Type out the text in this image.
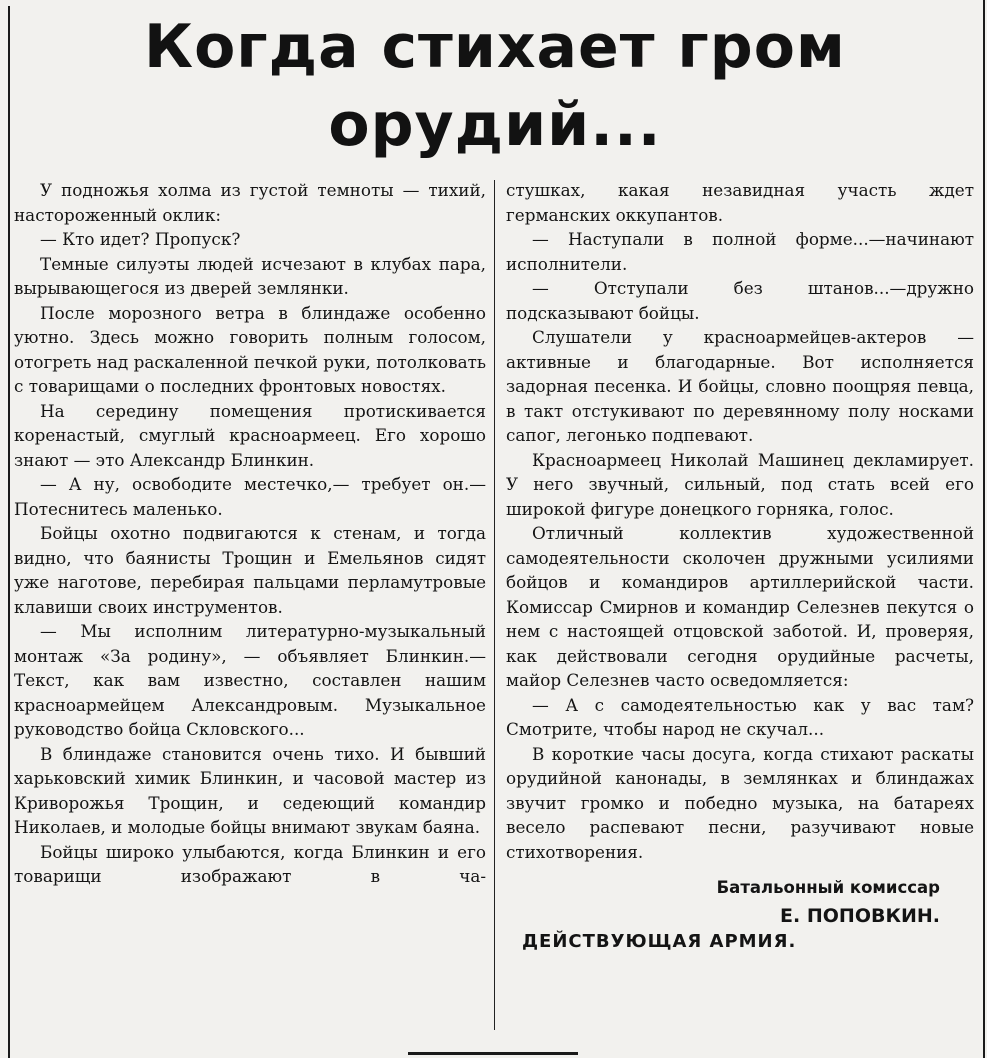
Когда стихает гром орудий...

У подножья холма из густой темноты — тихий, настороженный оклик:

— Кто идет? Пропуск?

Темные силуэты людей исчезают в клубах пара, вырывающегося из дверей землянки.

После морозного ветра в блиндаже особенно уютно. Здесь можно говорить полным голосом, отогреть над раскаленной печкой руки, потолковать с товарищами о последних фронтовых новостях.

На середину помещения протискивается коренастый, смуглый красноармеец. Его хорошо знают — это Александр Блинкин.

— А ну, освободите местечко,— требует он.— Потеснитесь маленько.

Бойцы охотно подвигаются к стенам, и тогда видно, что баянисты Трощин и Емельянов сидят уже наготове, перебирая пальцами перламутровые клавиши своих инструментов.

— Мы исполним литературно-музыкальный монтаж «За родину», — объявляет Блинкин.— Текст, как вам известно, составлен нашим красноармейцем Александровым. Музыкальное руководство бойца Скловского...

В блиндаже становится очень тихо. И бывший харьковский химик Блинкин, и часовой мастер из Криворожья Трощин, и седеющий командир Николаев, и молодые бойцы внимают звукам баяна.

Бойцы широко улыбаются, когда Блинкин и его товарищи изображают в ча-

стушках, какая незавидная участь ждет германских оккупантов.

— Наступали в полной форме...—начинают исполнители.

— Отступали без штанов...—дружно подсказывают бойцы.

Слушатели у красноармейцев-актеров — активные и благодарные. Вот исполняется задорная песенка. И бойцы, словно поощряя певца, в такт отстукивают по деревянному полу носками сапог, легонько подпевают.

Красноармеец Николай Машинец декламирует. У него звучный, сильный, под стать всей его широкой фигуре донецкого горняка, голос.

Отличный коллектив художественной самодеятельности сколочен дружными усилиями бойцов и командиров артиллерийской части. Комиссар Смирнов и командир Селезнев пекутся о нем с настоящей отцовской заботой. И, проверяя, как действовали сегодня орудийные расчеты, майор Селезнев часто осведомляется:

— А с самодеятельностью как у вас там? Смотрите, чтобы народ не скучал...

В короткие часы досуга, когда стихают раскаты орудийной канонады, в землянках и блиндажах звучит громко и победно музыка, на батареях весело распевают песни, разучивают новые стихотворения.

Батальонный комиссар
Е. ПОПОВКИН.
ДЕЙСТВУЮЩАЯ АРМИЯ.
